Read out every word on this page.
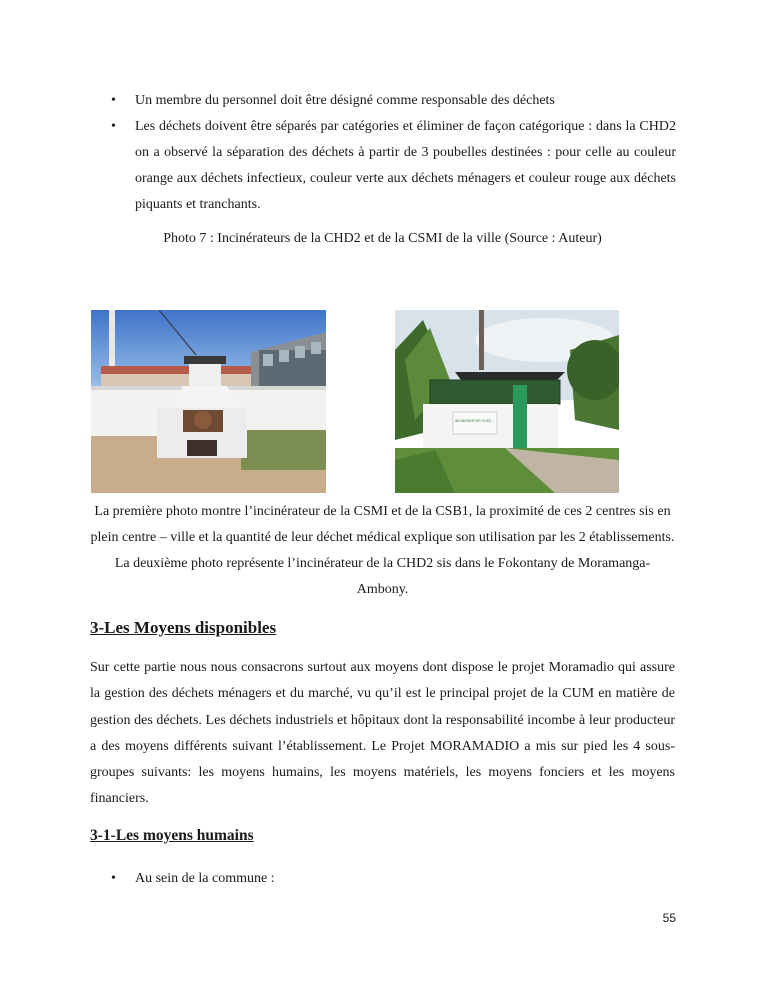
• Un membre du personnel doit être désigné comme responsable des déchets
• Les déchets doivent être séparés par catégories et éliminer de façon catégorique : dans la CHD2 on a observé la séparation des déchets à partir de 3 poubelles destinées : pour celle au couleur orange aux déchets infectieux, couleur verte aux déchets ménagers et couleur rouge aux déchets piquants et tranchants.
Photo 7 : Incinérateurs de la CHD2 et de la CSMI de la ville (Source : Auteur)
INCINERATEUR CHD2 ...

La première photo montre l’incinérateur de la CSMI et de la CSB1, la proximité de ces 2 centres sis en plein centre – ville et la quantité de leur déchet médical explique son utilisation par les 2 établissements. La deuxième photo représente l’incinérateur de la CHD2 sis dans le Fokontany de Moramanga-Ambony.

3-Les Moyens disponibles

Sur cette partie nous nous consacrons surtout aux moyens dont dispose le projet Moramadio qui assure la gestion des déchets ménagers et du marché, vu qu’il est le principal projet de la CUM en matière de gestion des déchets. Les déchets industriels et hôpitaux dont la responsabilité incombe à leur producteur a des moyens différents suivant l’établissement. Le Projet MORAMADIO a mis sur pied les 4 sous-groupes suivants: les moyens humains, les moyens matériels, les moyens fonciers et les moyens financiers.

3-1-Les moyens humains
• Au sein de la commune :
55
